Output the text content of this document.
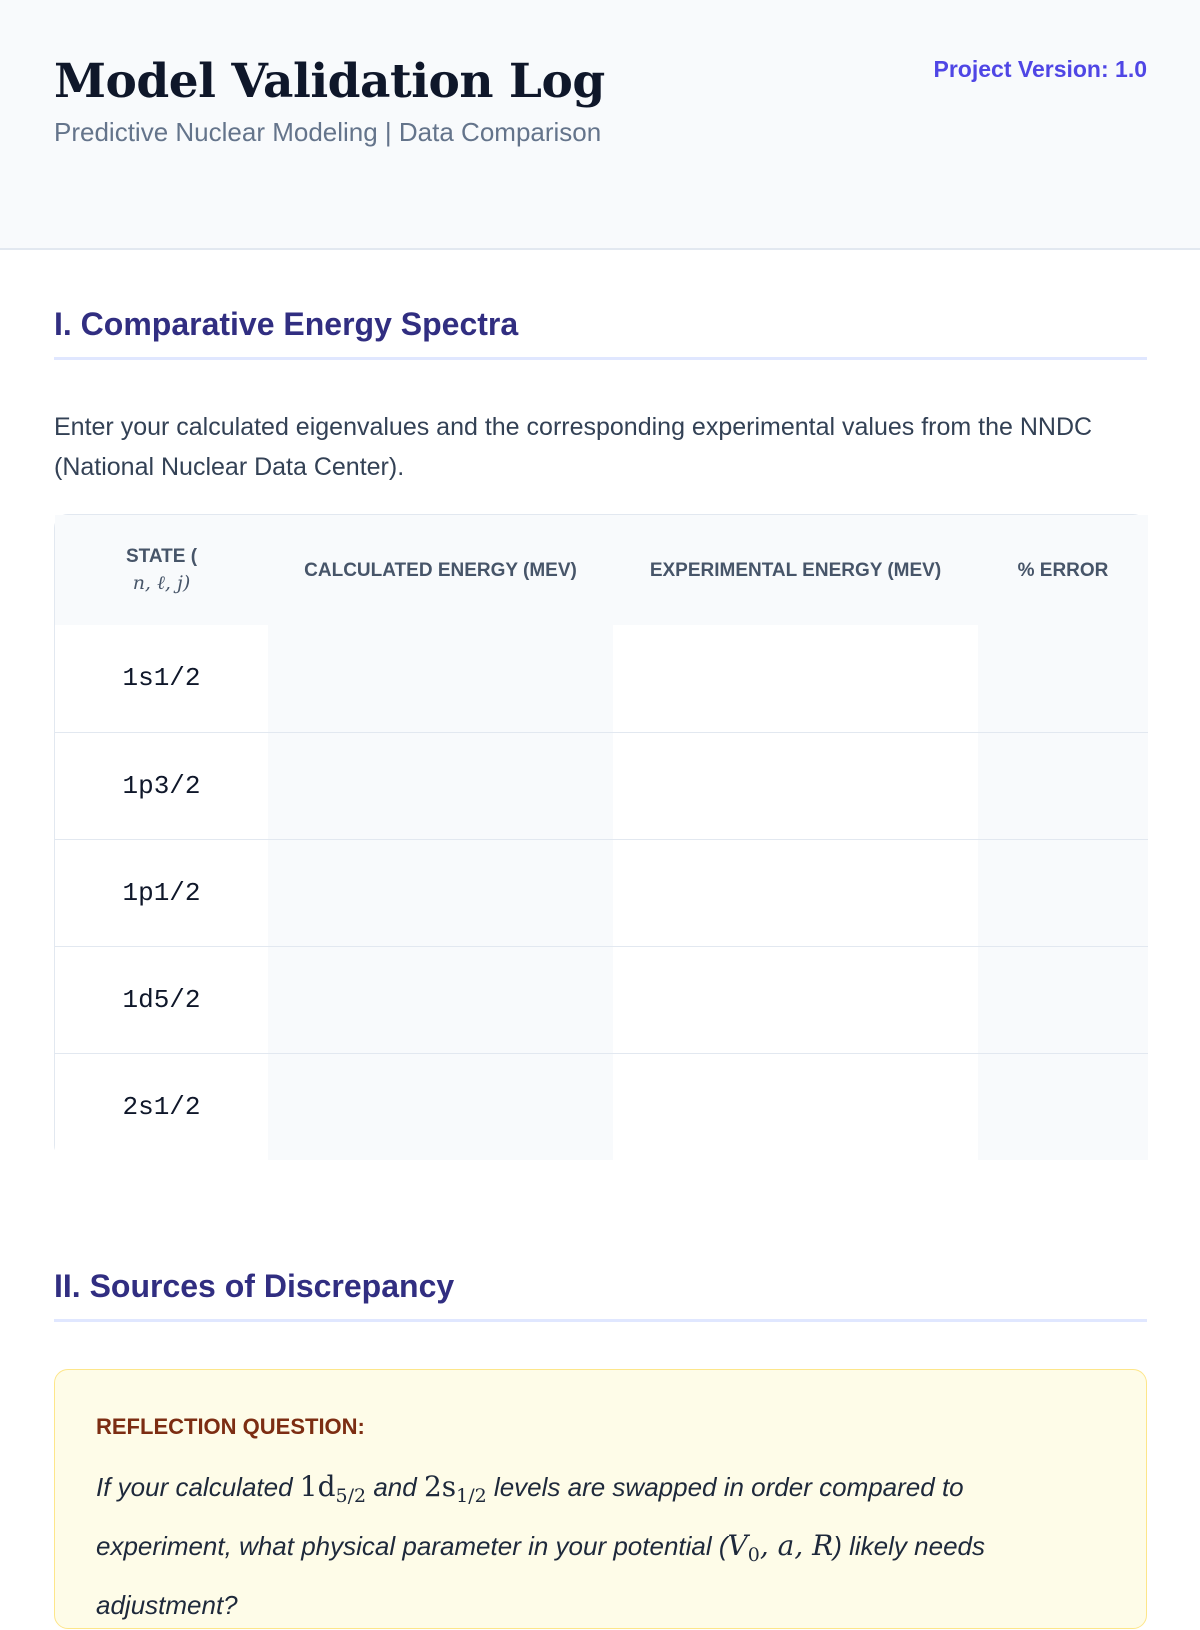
Model Validation Log
Predictive Nuclear Modeling | Data Comparison
Project Version: 1.0
I. Comparative Energy Spectra

Enter your calculated eigenvalues and the corresponding experimental values from the NNDC (National Nuclear Data Center).

STATE (
n, ℓ, j)	CALCULATED ENERGY (MEV)	EXPERIMENTAL ENERGY (MEV)	% ERROR
1s1/2			
1p3/2			
1p1/2			
1d5/2			
2s1/2			
II. Sources of Discrepancy
REFLECTION QUESTION:

If your calculated $1d_{5/2}$ and $2s_{1/2}$ levels are swapped in order compared to experiment, what physical parameter in your potential ($V_0$, a, R) likely needs adjustment?
